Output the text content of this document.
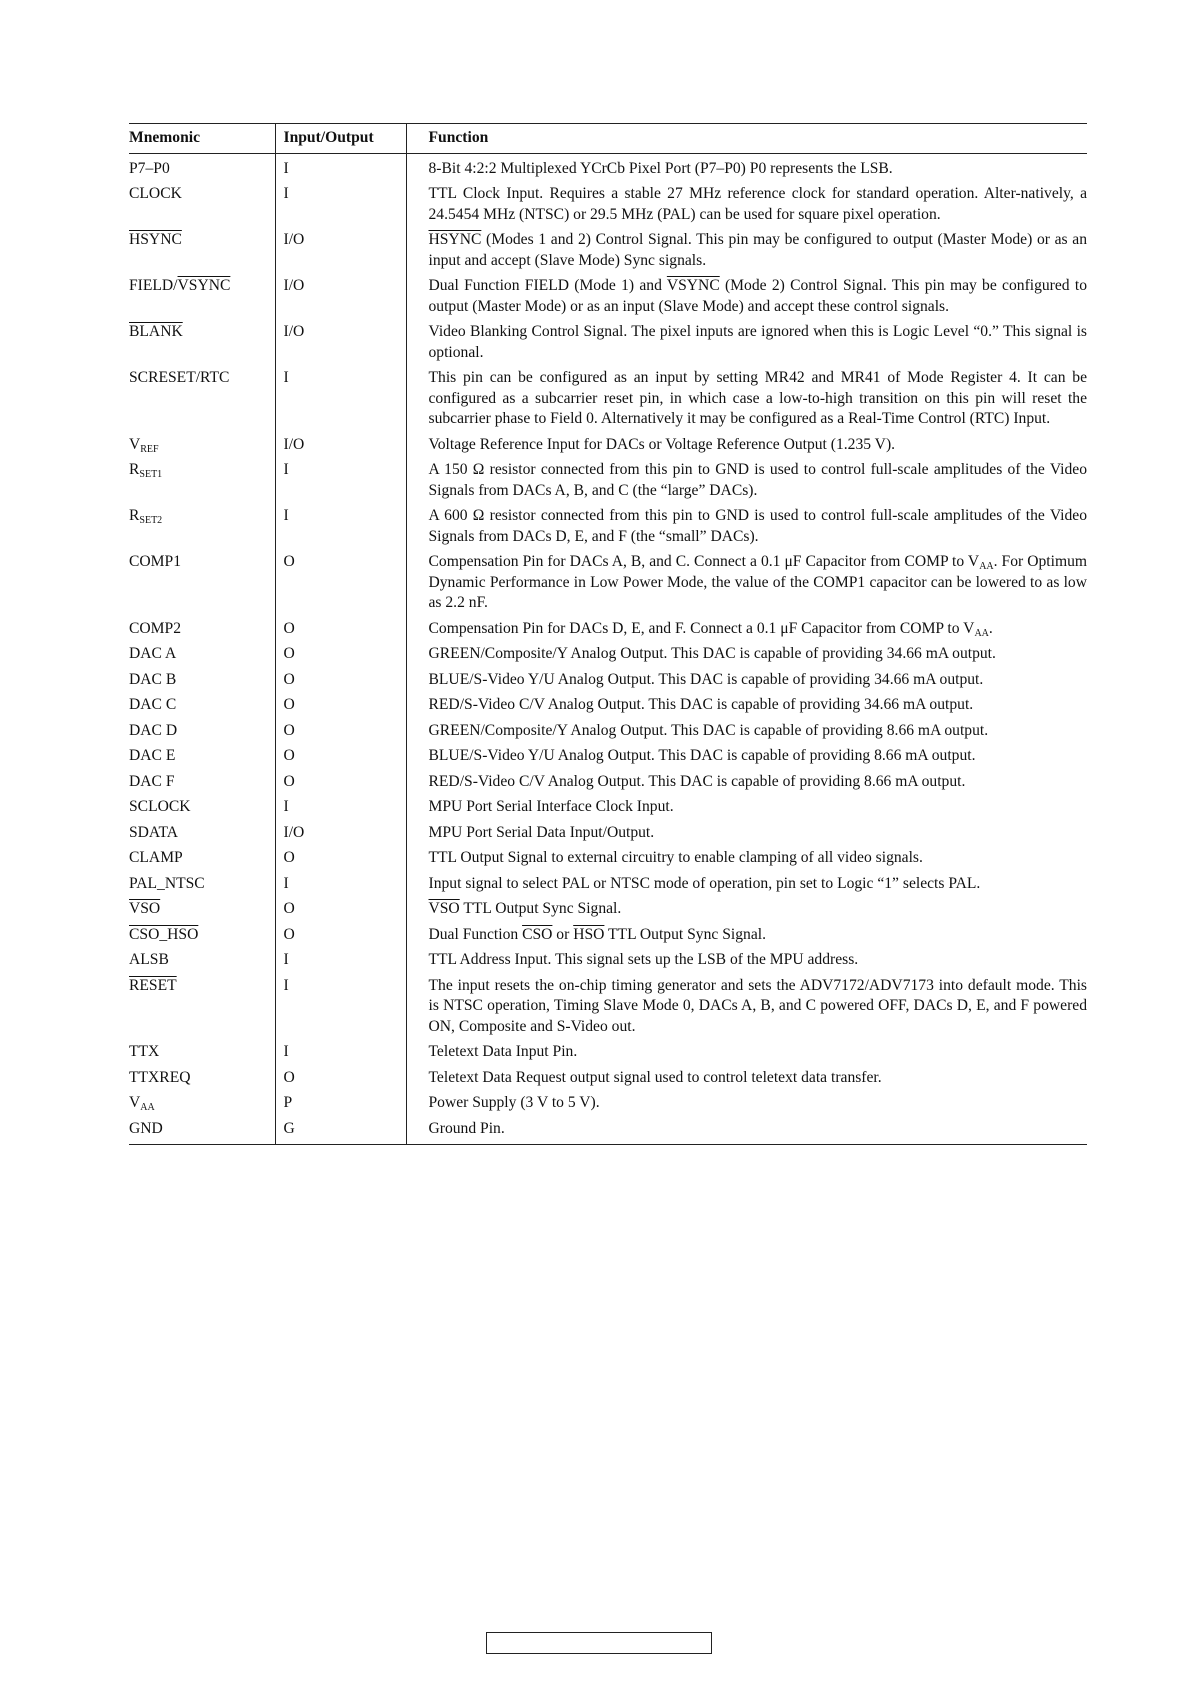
Mnemonic	Input/Output	Function
P7–P0	I	8-Bit 4:2:2 Multiplexed YCrCb Pixel Port (P7–P0) P0 represents the LSB.
CLOCK	I	TTL Clock Input. Requires a stable 27 MHz reference clock for standard operation. Alter-natively, a 24.5454 MHz (NTSC) or 29.5 MHz (PAL) can be used for square pixel operation.
HSYNC	I/O	HSYNC (Modes 1 and 2) Control Signal. This pin may be configured to output (Master Mode) or as an input and accept (Slave Mode) Sync signals.
FIELD/VSYNC	I/O	Dual Function FIELD (Mode 1) and VSYNC (Mode 2) Control Signal. This pin may be configured to output (Master Mode) or as an input (Slave Mode) and accept these control signals.
BLANK	I/O	Video Blanking Control Signal. The pixel inputs are ignored when this is Logic Level “0.” This signal is optional.
SCRESET/RTC	I	This pin can be configured as an input by setting MR42 and MR41 of Mode Register 4. It can be configured as a subcarrier reset pin, in which case a low-to-high transition on this pin will reset the subcarrier phase to Field 0. Alternatively it may be configured as a Real-Time Control (RTC) Input.
$V_{REF}$	I/O	Voltage Reference Input for DACs or Voltage Reference Output (1.235 V).
$R_{SET1}$	I	A 150 Ω resistor connected from this pin to GND is used to control full-scale amplitudes of the Video Signals from DACs A, B, and C (the “large” DACs).
$R_{SET2}$	I	A 600 Ω resistor connected from this pin to GND is used to control full-scale amplitudes of the Video Signals from DACs D, E, and F (the “small” DACs).
COMP1	O	Compensation Pin for DACs A, B, and C. Connect a 0.1 μF Capacitor from COMP to $V_{AA}$. For Optimum Dynamic Performance in Low Power Mode, the value of the COMP1 capacitor can be lowered to as low as 2.2 nF.
COMP2	O	Compensation Pin for DACs D, E, and F. Connect a 0.1 μF Capacitor from COMP to $V_{AA}$.
DAC A	O	GREEN/Composite/Y Analog Output. This DAC is capable of providing 34.66 mA output.
DAC B	O	BLUE/S-Video Y/U Analog Output. This DAC is capable of providing 34.66 mA output.
DAC C	O	RED/S-Video C/V Analog Output. This DAC is capable of providing 34.66 mA output.
DAC D	O	GREEN/Composite/Y Analog Output. This DAC is capable of providing 8.66 mA output.
DAC E	O	BLUE/S-Video Y/U Analog Output. This DAC is capable of providing 8.66 mA output.
DAC F	O	RED/S-Video C/V Analog Output. This DAC is capable of providing 8.66 mA output.
SCLOCK	I	MPU Port Serial Interface Clock Input.
SDATA	I/O	MPU Port Serial Data Input/Output.
CLAMP	O	TTL Output Signal to external circuitry to enable clamping of all video signals.
PAL_NTSC	I	Input signal to select PAL or NTSC mode of operation, pin set to Logic “1” selects PAL.
$\overline{VSO}$	O	$\overline{VSO}$ TTL Output Sync Signal.
CSO_HSO	O	Dual Function $\overline{CSO}$ or $\overline{HSO}$ TTL Output Sync Signal.
ALSB	I	TTL Address Input. This signal sets up the LSB of the MPU address.
RESET	I	The input resets the on-chip timing generator and sets the ADV7172/ADV7173 into default mode. This is NTSC operation, Timing Slave Mode 0, DACs A, B, and C powered OFF, DACs D, E, and F powered ON, Composite and S-Video out.
TTX	I	Teletext Data Input Pin.
TTXREQ	O	Teletext Data Request output signal used to control teletext data transfer.
$V_{AA}$	P	Power Supply (3 V to 5 V).
GND	G	Ground Pin.
